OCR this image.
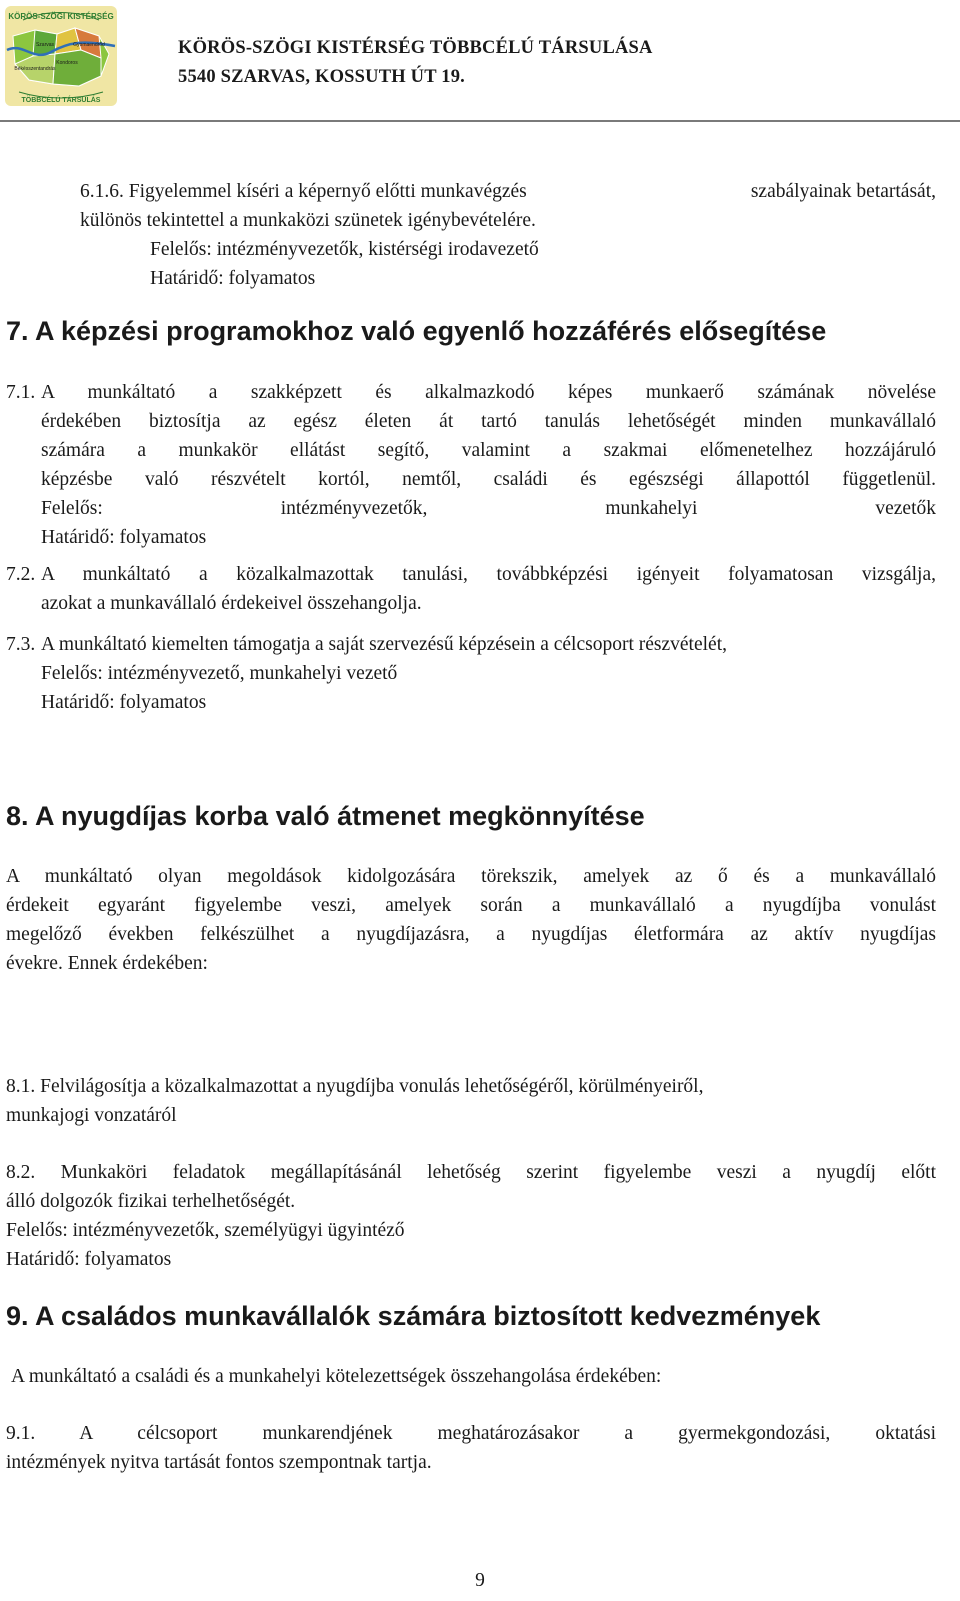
KÖRÖS-SZÖGI KISTÉRSÉG
Szarvas
Kondoros
Gyomaendrőd
Békésszentandrás
TÖBBCÉLÚ TÁRSULÁS
KÖRÖS-SZÖGI KISTÉRSÉG TÖBBCÉLÚ TÁRSULÁSA
5540 SZARVAS, KOSSUTH ÚT 19.
6.1.6. Figyelemmel kíséri a képernyő előtti munkavégzés	szabályainak betartását,
különös tekintettel a munkaközi szünetek igénybevételére.
Felelős: intézményvezetők, kistérségi irodavezető
Határidő: folyamatos
7. A képzési programokhoz való egyenlő hozzáférés elősegítése
7.1. A munkáltató a szakképzett és alkalmazkodó képes munkaerő számának növelése
érdekében biztosítja az egész életen át tartó tanulás lehetőségét minden munkavállaló
számára a munkakör ellátást segítő, valamint a szakmai előmenetelhez hozzájáruló
képzésbe való részvételt kortól, nemtől, családi és egészségi állapottól függetlenül.
Felelős: intézményvezetők, munkahelyi vezetők
Határidő: folyamatos
7.2. A munkáltató a közalkalmazottak tanulási, továbbképzési igényeit folyamatosan vizsgálja,
azokat a munkavállaló érdekeivel összehangolja.
7.3. A munkáltató kiemelten támogatja a saját szervezésű képzésein a célcsoport részvételét,
Felelős: intézményvezető, munkahelyi vezető
Határidő: folyamatos
8. A nyugdíjas korba való átmenet megkönnyítése
A munkáltató olyan megoldások kidolgozására törekszik, amelyek az ő és a munkavállaló
érdekeit egyaránt figyelembe veszi, amelyek során a munkavállaló a nyugdíjba vonulást
megelőző években felkészülhet a nyugdíjazásra, a nyugdíjas életformára az aktív nyugdíjas
évekre. Ennek érdekében:
8.1. Felvilágosítja a közalkalmazottat a nyugdíjba vonulás lehetőségéről, körülményeiről,
munkajogi vonzatáról
8.2. Munkaköri feladatok megállapításánál lehetőség szerint figyelembe veszi a nyugdíj előtt
álló dolgozók fizikai terhelhetőségét.
Felelős: intézményvezetők, személyügyi ügyintéző
Határidő: folyamatos
9. A családos munkavállalók számára biztosított kedvezmények
A munkáltató a családi és a munkahelyi kötelezettségek összehangolása érdekében:
9.1. A célcsoport munkarendjének meghatározásakor a gyermekgondozási, oktatási
intézmények nyitva tartását fontos szempontnak tartja.
9
